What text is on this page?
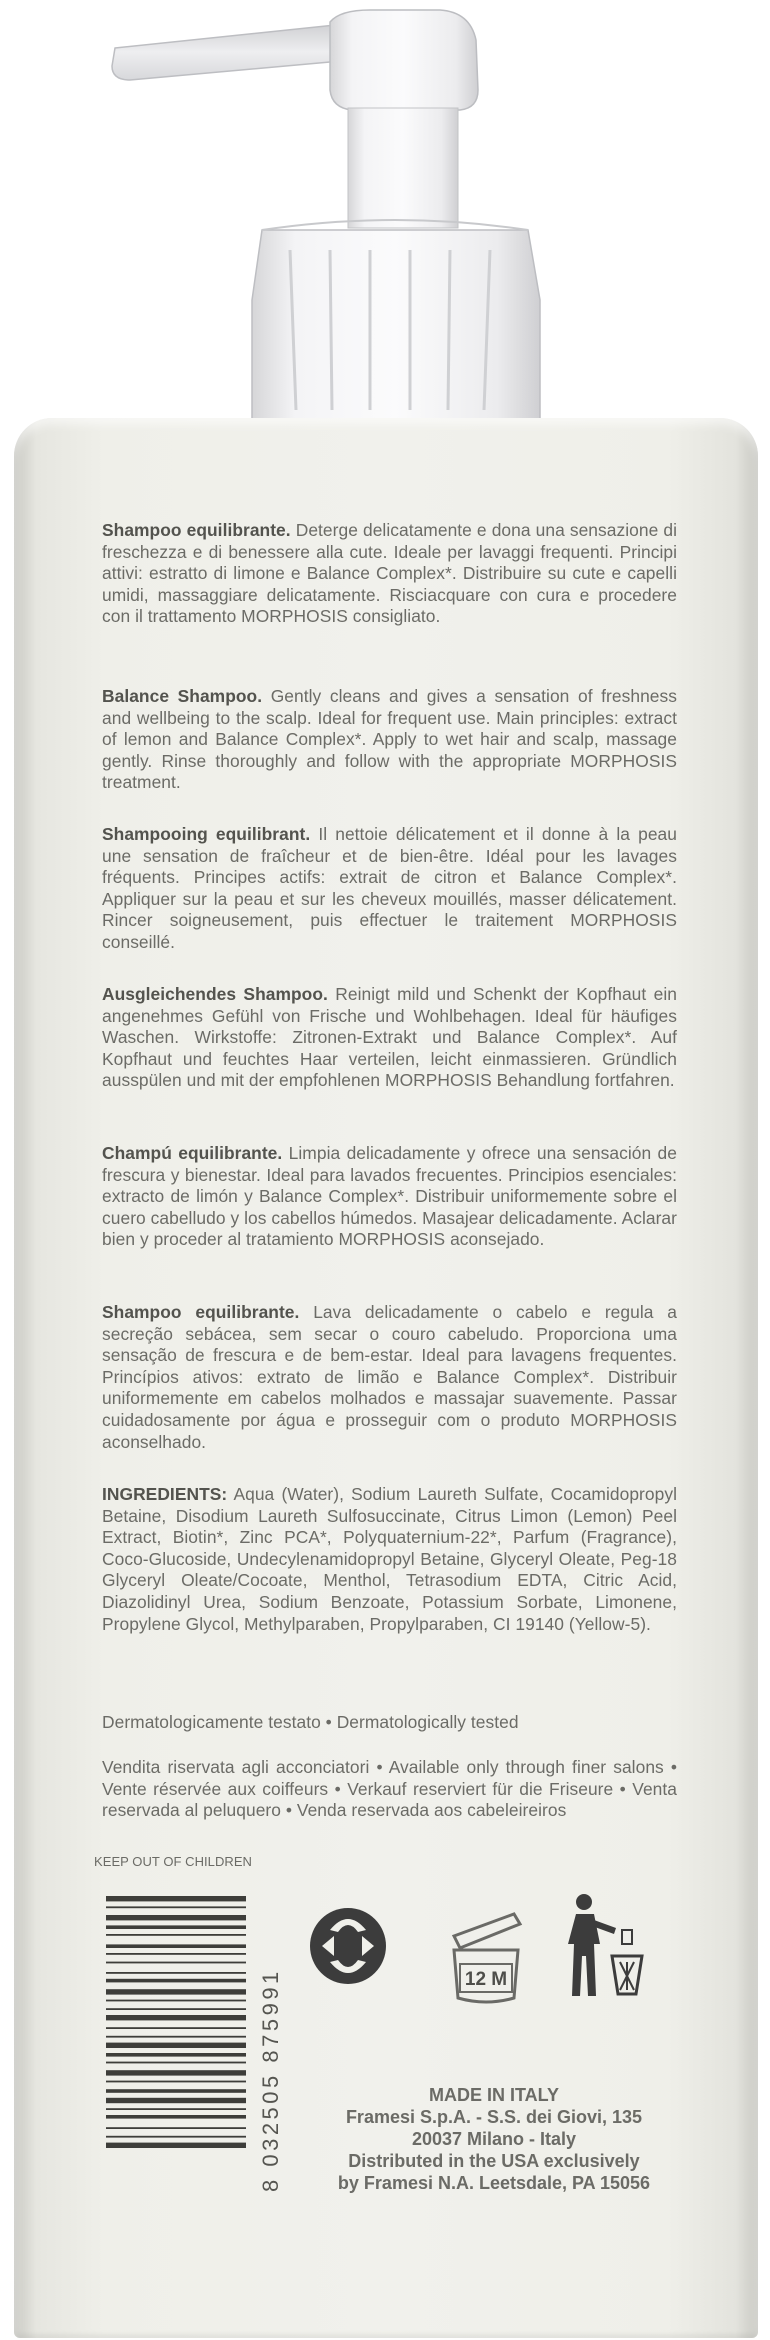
Shampoo equilibrante. Deterge delicatamente e dona una sensazione di freschezza e di benessere alla cute. Ideale per lavaggi frequenti. Principi attivi: estratto di limone e Balance Complex*. Distribuire su cute e capelli umidi, massaggiare delicatamente. Risciacquare con cura e procedere con il trattamento MORPHOSIS consigliato.
Balance Shampoo. Gently cleans and gives a sensation of freshness and wellbeing to the scalp. Ideal for frequent use. Main principles: extract of lemon and Balance Complex*. Apply to wet hair and scalp, massage gently. Rinse thoroughly and follow with the appropriate MORPHOSIS treatment.
Shampooing equilibrant. Il nettoie délicatement et il donne à la peau une sensation de fraîcheur et de bien-être. Idéal pour les lavages fréquents. Principes actifs: extrait de citron et Balance Complex*. Appliquer sur la peau et sur les cheveux mouillés, masser délicatement. Rincer soigneusement, puis effectuer le traitement MORPHOSIS conseillé.
Ausgleichendes Shampoo. Reinigt mild und Schenkt der Kopfhaut ein angenehmes Gefühl von Frische und Wohlbehagen. Ideal für häufiges Waschen. Wirkstoffe: Zitronen-Extrakt und Balance Complex*. Auf Kopfhaut und feuchtes Haar verteilen, leicht einmassieren. Gründlich ausspülen und mit der empfohlenen MORPHOSIS Behandlung fortfahren.
Champú equilibrante. Limpia delicadamente y ofrece una sensación de frescura y bienestar. Ideal para lavados frecuentes. Principios esenciales: extracto de limón y Balance Complex*. Distribuir uniformemente sobre el cuero cabelludo y los cabellos húmedos. Masajear delicadamente. Aclarar bien y proceder al tratamiento MORPHOSIS aconsejado.
Shampoo equilibrante. Lava delicadamente o cabelo e regula a secreção sebácea, sem secar o couro cabeludo. Proporciona uma sensação de frescura e de bem-estar. Ideal para lavagens frequentes. Princípios ativos: extrato de limão e Balance Complex*. Distribuir uniformemente em cabelos molhados e massajar suavemente. Passar cuidadosamente por água e prosseguir com o produto MORPHOSIS aconselhado.
INGREDIENTS: Aqua (Water), Sodium Laureth Sulfate, Cocamidopropyl Betaine, Disodium Laureth Sulfosuccinate, Citrus Limon (Lemon) Peel Extract, Biotin*, Zinc PCA*, Polyquaternium-22*, Parfum (Fragrance), Coco-Glucoside, Undecylenamidopropyl Betaine, Glyceryl Oleate, Peg-18 Glyceryl Oleate/Cocoate, Menthol, Tetrasodium EDTA, Citric Acid, Diazolidinyl Urea, Sodium Benzoate, Potassium Sorbate, Limonene, Propylene Glycol, Methylparaben, Propylparaben, CI 19140 (Yellow-5).
Dermatologicamente testato • Dermatologically tested
Vendita riservata agli acconciatori • Available only through finer salons • Vente réservée aux coiffeurs • Verkauf reserviert für die Friseure • Venta reservada al peluquero • Venda reservada aos cabeleireiros
KEEP OUT OF CHILDREN
8 032505 875991	12 M
MADE IN ITALY
Framesi S.p.A. - S.S. dei Giovi, 135
20037 Milano - Italy
Distributed in the USA exclusively
by Framesi N.A. Leetsdale, PA 15056
